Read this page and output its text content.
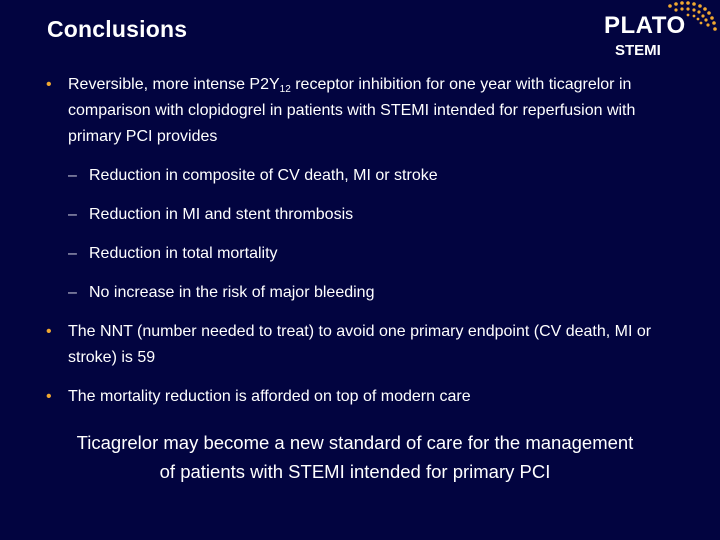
Conclusions	PLATO
STEMI
• Reversible, more intense $P2Y_{12}$ receptor inhibition for one year with ticagrelor in comparison with clopidogrel in patients with STEMI intended for reperfusion with primary PCI provides
– Reduction in composite of CV death, MI or stroke
– Reduction in MI and stent thrombosis
– Reduction in total mortality
– No increase in the risk of major bleeding
• The NNT (number needed to treat) to avoid one primary endpoint (CV death, MI or stroke) is 59
• The mortality reduction is afforded on top of modern care
Ticagrelor may become a new standard of care for the management
of patients with STEMI intended for primary PCI
